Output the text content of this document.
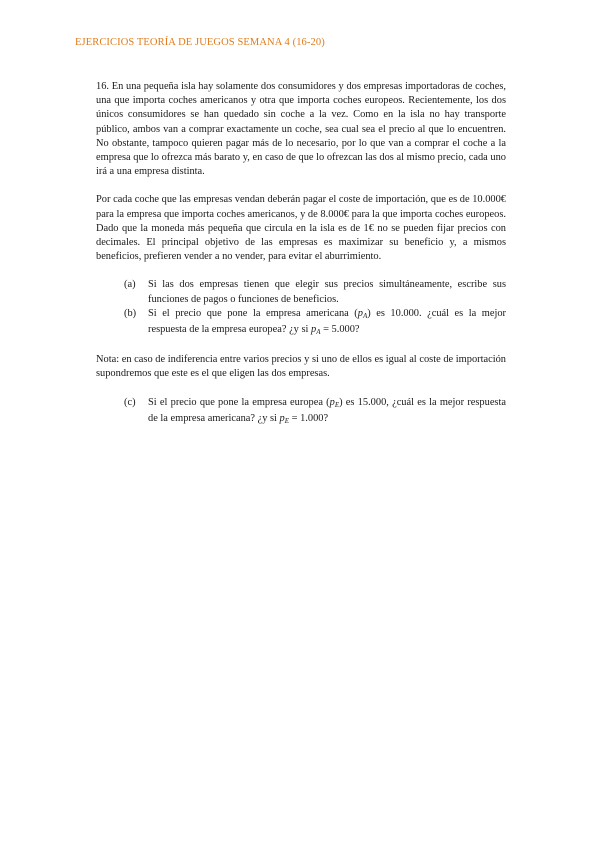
EJERCICIOS TEORÍA DE JUEGOS SEMANA 4 (16-20)

16. En una pequeña isla hay solamente dos consumidores y dos empresas importadoras de coches, una que importa coches americanos y otra que importa coches europeos. Recientemente, los dos únicos consumidores se han quedado sin coche a la vez. Como en la isla no hay transporte público, ambos van a comprar exactamente un coche, sea cual sea el precio al que lo encuentren. No obstante, tampoco quieren pagar más de lo necesario, por lo que van a comprar el coche a la empresa que lo ofrezca más barato y, en caso de que lo ofrezcan las dos al mismo precio, cada uno irá a una empresa distinta.

Por cada coche que las empresas vendan deberán pagar el coste de importación, que es de 10.000€ para la empresa que importa coches americanos, y de 8.000€ para la que importa coches europeos. Dado que la moneda más pequeña que circula en la isla es de 1€ no se pueden fijar precios con decimales. El principal objetivo de las empresas es maximizar su beneficio y, a mismos beneficios, prefieren vender a no vender, para evitar el aburrimiento.

(a) Si las dos empresas tienen que elegir sus precios simultáneamente, escribe sus funciones de pagos o funciones de beneficios.
(b) Si el precio que pone la empresa americana $(p_A)$ es 10.000. ¿cuál es la mejor respuesta de la empresa europea? ¿y si $p_A = 5.000$?

Nota: en caso de indiferencia entre varios precios y si uno de ellos es igual al coste de importación supondremos que este es el que eligen las dos empresas.

(c) Si el precio que pone la empresa europea $(p_E)$ es 15.000, ¿cuál es la mejor respuesta de la empresa americana? ¿y si $p_E = 1.000$?
